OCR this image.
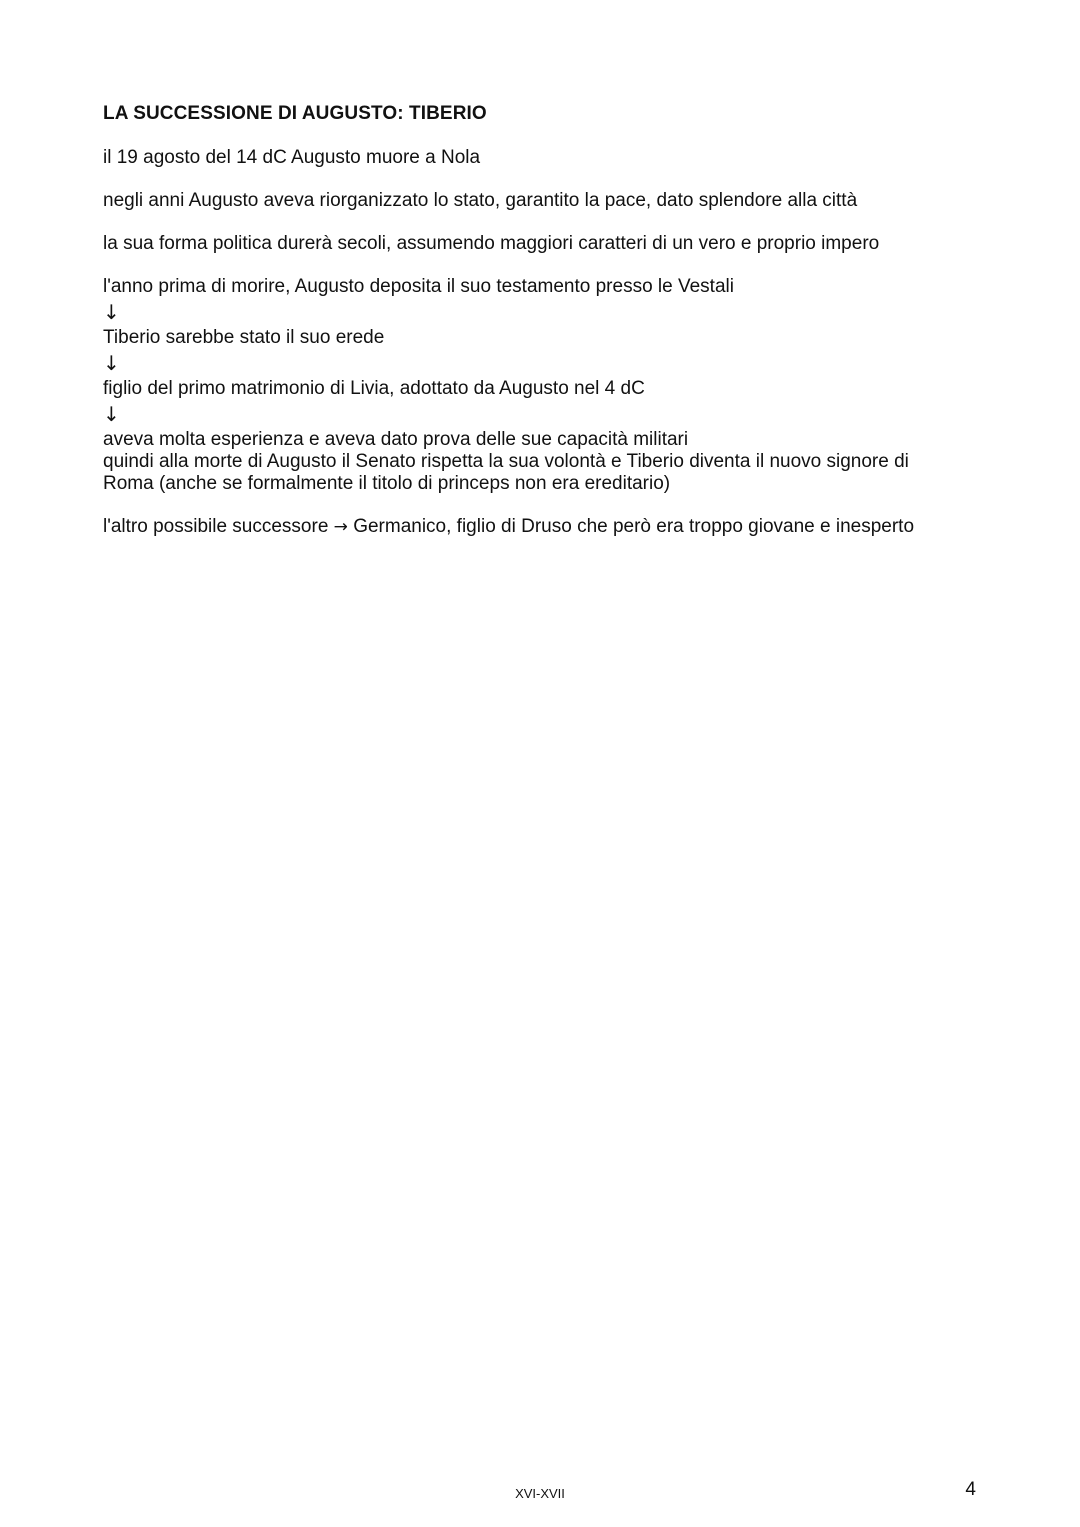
LA SUCCESSIONE DI AUGUSTO: TIBERIO
il 19 agosto del 14 dC Augusto muore a Nola
negli anni Augusto aveva riorganizzato lo stato, garantito la pace, dato splendore alla città
la sua forma politica durerà secoli, assumendo maggiori caratteri di un vero e proprio impero
l'anno prima di morire, Augusto deposita il suo testamento presso le Vestali
↓
Tiberio sarebbe stato il suo erede
↓
figlio del primo matrimonio di Livia, adottato da Augusto nel 4 dC
↓
aveva molta esperienza e aveva dato prova delle sue capacità militari
quindi alla morte di Augusto il Senato rispetta la sua volontà e Tiberio diventa il nuovo signore di
Roma (anche se formalmente il titolo di princeps non era ereditario)
l'altro possibile successore → Germanico, figlio di Druso che però era troppo giovane e inesperto
XVI-XVII	4
